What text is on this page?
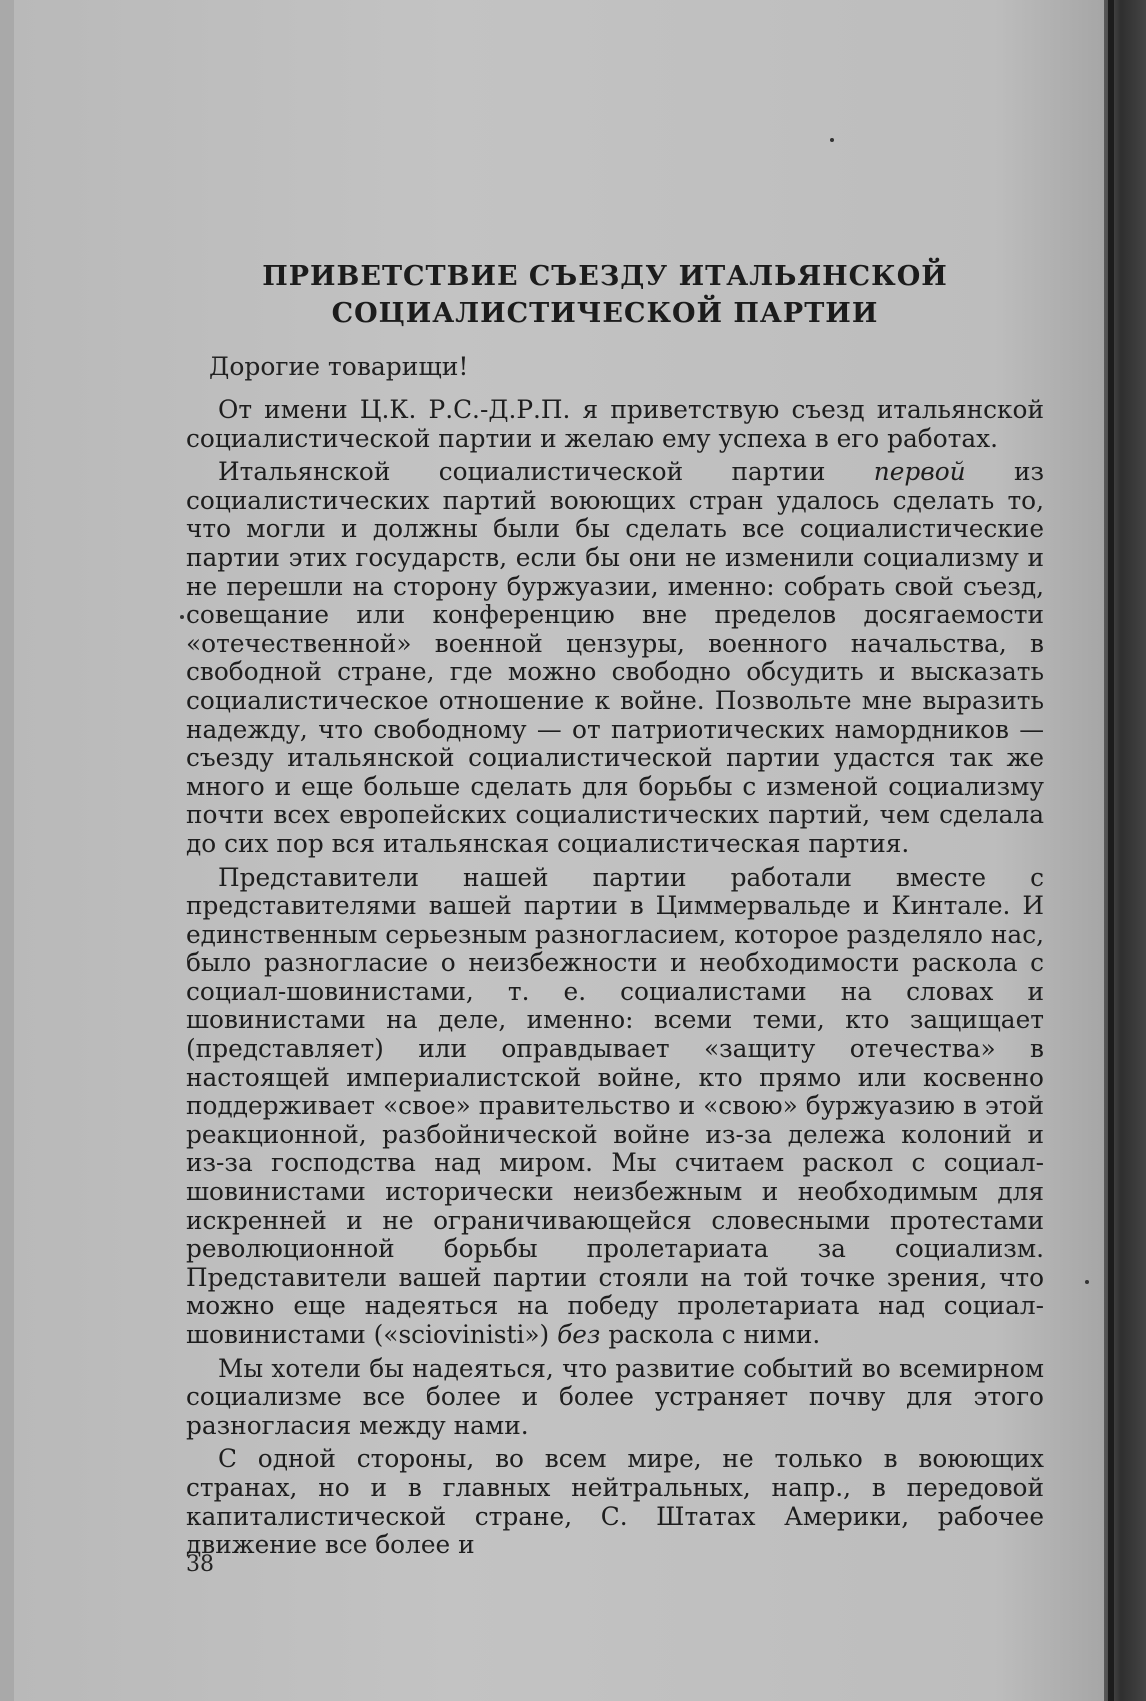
ПРИВЕТСТВИЕ СЪЕЗДУ ИТАЛЬЯНСКОЙ
СОЦИАЛИСТИЧЕСКОЙ ПАРТИИ
Дорогие товарищи!

От имени Ц.К. Р.С.-Д.Р.П. я приветствую съезд итальянской социалистической партии и желаю ему успеха в его работах.

Итальянской социалистической партии первой из социалистических партий воюющих стран удалось сделать то, что могли и должны были бы сделать все социалистические партии этих государств, если бы они не изменили социализму и не перешли на сторону буржуазии, именно: собрать свой съезд, совещание или конференцию вне пределов досягаемости «отечественной» военной цензуры, военного начальства, в свободной стране, где можно свободно обсудить и высказать социалистическое отношение к войне. Позвольте мне выразить надежду, что свободному — от патриотических намордников — съезду итальянской социалистической партии удастся так же много и еще больше сделать для борьбы с изменой социализму почти всех европейских социалистических партий, чем сделала до сих пор вся итальянская социалистическая партия.

Представители нашей партии работали вместе с представителями вашей партии в Циммервальде и Кинтале. И единственным серьезным разногласием, которое разделяло нас, было разногласие о неизбежности и необходимости раскола с социал-шовинистами, т. е. социалистами на словах и шовинистами на деле, именно: всеми теми, кто защищает (представляет) или оправдывает «защиту отечества» в настоящей империалистской войне, кто прямо или косвенно поддерживает «свое» правительство и «свою» буржуазию в этой реакционной, разбойнической войне из-за дележа колоний и из-за господства над миром. Мы считаем раскол с социал-шовинистами исторически неизбежным и необходимым для искренней и не ограничивающейся словесными протестами революционной борьбы пролетариата за социализм. Представители вашей партии стояли на той точке зрения, что можно еще надеяться на победу пролетариата над социал-шовинистами («sciovinisti») без раскола с ними.

Мы хотели бы надеяться, что развитие событий во всемирном социализме все более и более устраняет почву для этого разногласия между нами.

С одной стороны, во всем мире, не только в воюющих странах, но и в главных нейтральных, напр., в передовой капиталистической стране, С. Штатах Америки, рабочее движение все более и

38
